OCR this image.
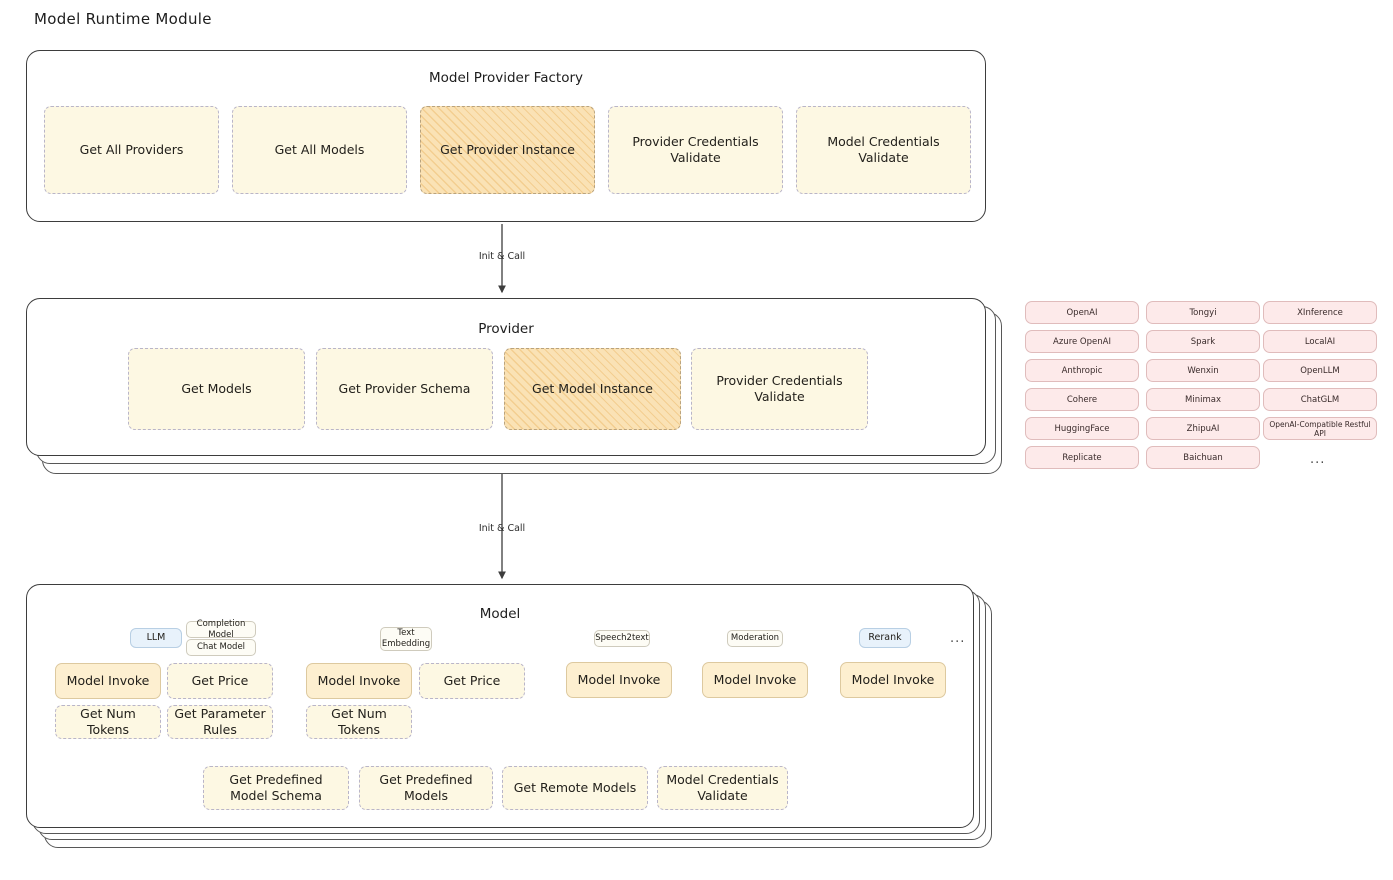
Model Runtime Module
Init & Call
Init & Call
Model Provider Factory
Get All Providers	Get All Models	Get Provider Instance
Provider Credentials Validate
Model Credentials Validate
Provider
Get Models	Get Provider Schema	Get Model Instance
Provider Credentials Validate
OpenAI
Azure OpenAI
Anthropic
Cohere
HuggingFace
Replicate
Tongyi
Spark
Wenxin
Minimax
ZhipuAI
Baichuan
XInference
LocalAI
OpenLLM
ChatGLM
OpenAI-Compatible Restful API
...
Model
LLM
Completion Model
Chat Model
Text Embedding
Speech2text	Moderation	Rerank	...
Model Invoke	Get Price
Get Num Tokens
Get Parameter Rules
Model Invoke	Get Price
Get Num Tokens
Model Invoke	Model Invoke	Model Invoke
Get Predefined Model Schema
Get Predefined Models
Get Remote Models
Model Credentials Validate
